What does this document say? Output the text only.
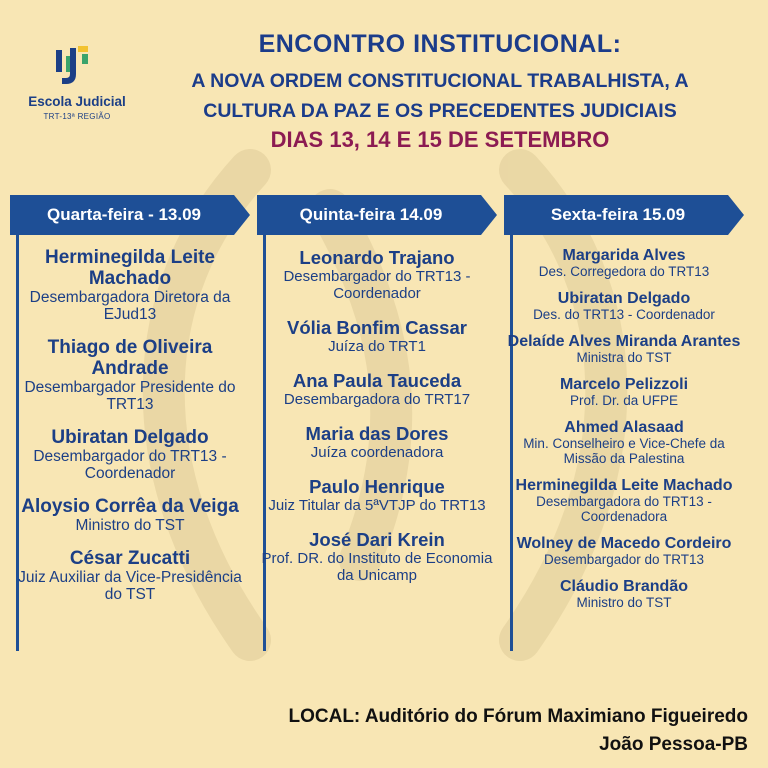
Escola Judicial
TRT-13ª REGIÃO
ENCONTRO INSTITUCIONAL:
A NOVA ORDEM CONSTITUCIONAL TRABALHISTA, A
CULTURA DA PAZ E OS PRECEDENTES JUDICIAIS
DIAS 13, 14 E 15 DE SETEMBRO
Quarta-feira - 13.09
Herminegilda Leite Machado
Desembargadora Diretora da EJud13
Thiago de Oliveira Andrade
Desembargador Presidente do TRT13
Ubiratan Delgado
Desembargador do TRT13 - Coordenador
Aloysio Corrêa da Veiga
Ministro do TST
César Zucatti
Juiz Auxiliar da Vice-Presidência do TST
Quinta-feira 14.09
Leonardo Trajano
Desembargador do TRT13 - Coordenador
Vólia Bonfim Cassar
Juíza do TRT1
Ana Paula Tauceda
Desembargadora do TRT17
Maria das Dores
Juíza coordenadora
Paulo Henrique
Juiz Titular da 5ªVTJP do TRT13
José Dari Krein
Prof. DR. do Instituto de Economia da Unicamp
Sexta-feira 15.09
Margarida Alves
Des. Corregedora do TRT13
Ubiratan Delgado
Des. do TRT13 - Coordenador
Delaíde Alves Miranda Arantes
Ministra do TST
Marcelo Pelizzoli
Prof. Dr. da UFPE
Ahmed Alasaad
Min. Conselheiro e Vice-Chefe da Missão da Palestina
Herminegilda Leite Machado
Desembargadora do TRT13 - Coordenadora
Wolney de Macedo Cordeiro
Desembargador do TRT13
Cláudio Brandão
Ministro do TST
LOCAL: Auditório do Fórum Maximiano Figueiredo
João Pessoa-PB
